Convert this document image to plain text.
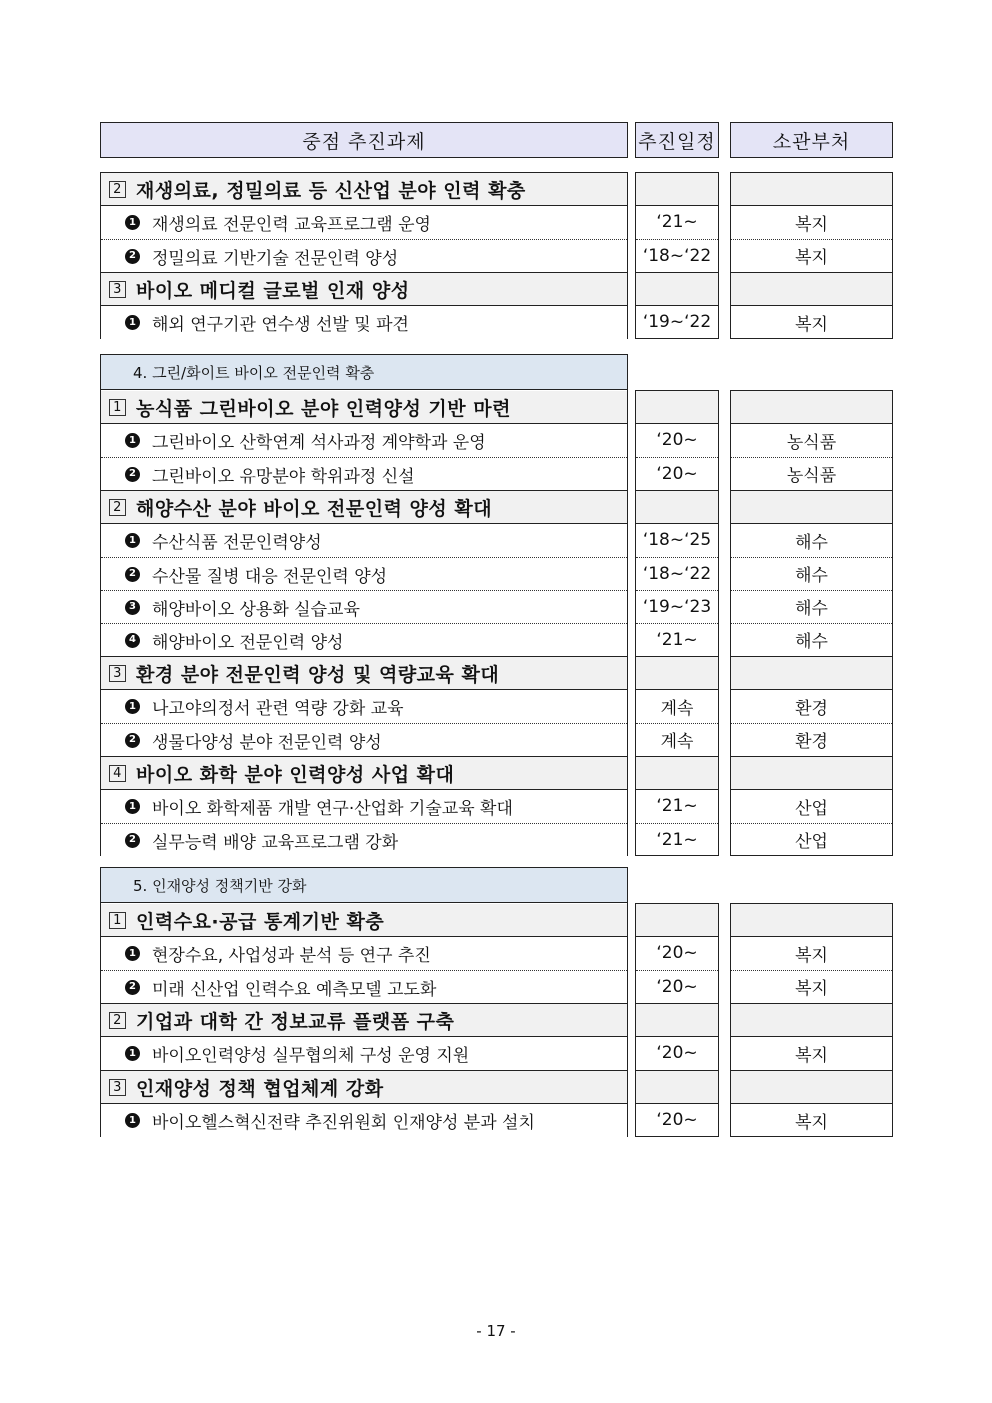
중점 추진과제	추진일정	소관부처
2 재생의료, 정밀의료 등 신산업 분야 인력 확충
1 재생의료 전문인력 교육프로그램 운영	‘21~	복지
2 정밀의료 기반기술 전문인력 양성	‘18~‘22	복지
3 바이오 메디컬 글로벌 인재 양성
1 해외 연구기관 연수생 선발 및 파견	‘19~‘22	복지
4. 그린/화이트 바이오 전문인력 확충
1 농식품 그린바이오 분야 인력양성 기반 마련
1 그린바이오 산학연계 석사과정 계약학과 운영	‘20~	농식품
2 그린바이오 유망분야 학위과정 신설	‘20~	농식품
2 해양수산 분야 바이오 전문인력 양성 확대
1 수산식품 전문인력양성	‘18~‘25	해수
2 수산물 질병 대응 전문인력 양성	‘18~‘22	해수
3 해양바이오 상용화 실습교육	‘19~‘23	해수
4 해양바이오 전문인력 양성	‘21~	해수
3 환경 분야 전문인력 양성 및 역량교육 확대
1 나고야의정서 관련 역량 강화 교육	계속	환경
2 생물다양성 분야 전문인력 양성	계속	환경
4 바이오 화학 분야 인력양성 사업 확대
1 바이오 화학제품 개발 연구·산업화 기술교육 확대	‘21~	산업
2 실무능력 배양 교육프로그램 강화	‘21~	산업
5. 인재양성 정책기반 강화
1 인력수요·공급 통계기반 확충
1 현장수요, 사업성과 분석 등 연구 추진	‘20~	복지
2 미래 신산업 인력수요 예측모델 고도화	‘20~	복지
2 기업과 대학 간 정보교류 플랫폼 구축
1 바이오인력양성 실무협의체 구성 운영 지원	‘20~	복지
3 인재양성 정책 협업체계 강화
1 바이오헬스혁신전략 추진위원회 인재양성 분과 설치	‘20~	복지
- 17 -
